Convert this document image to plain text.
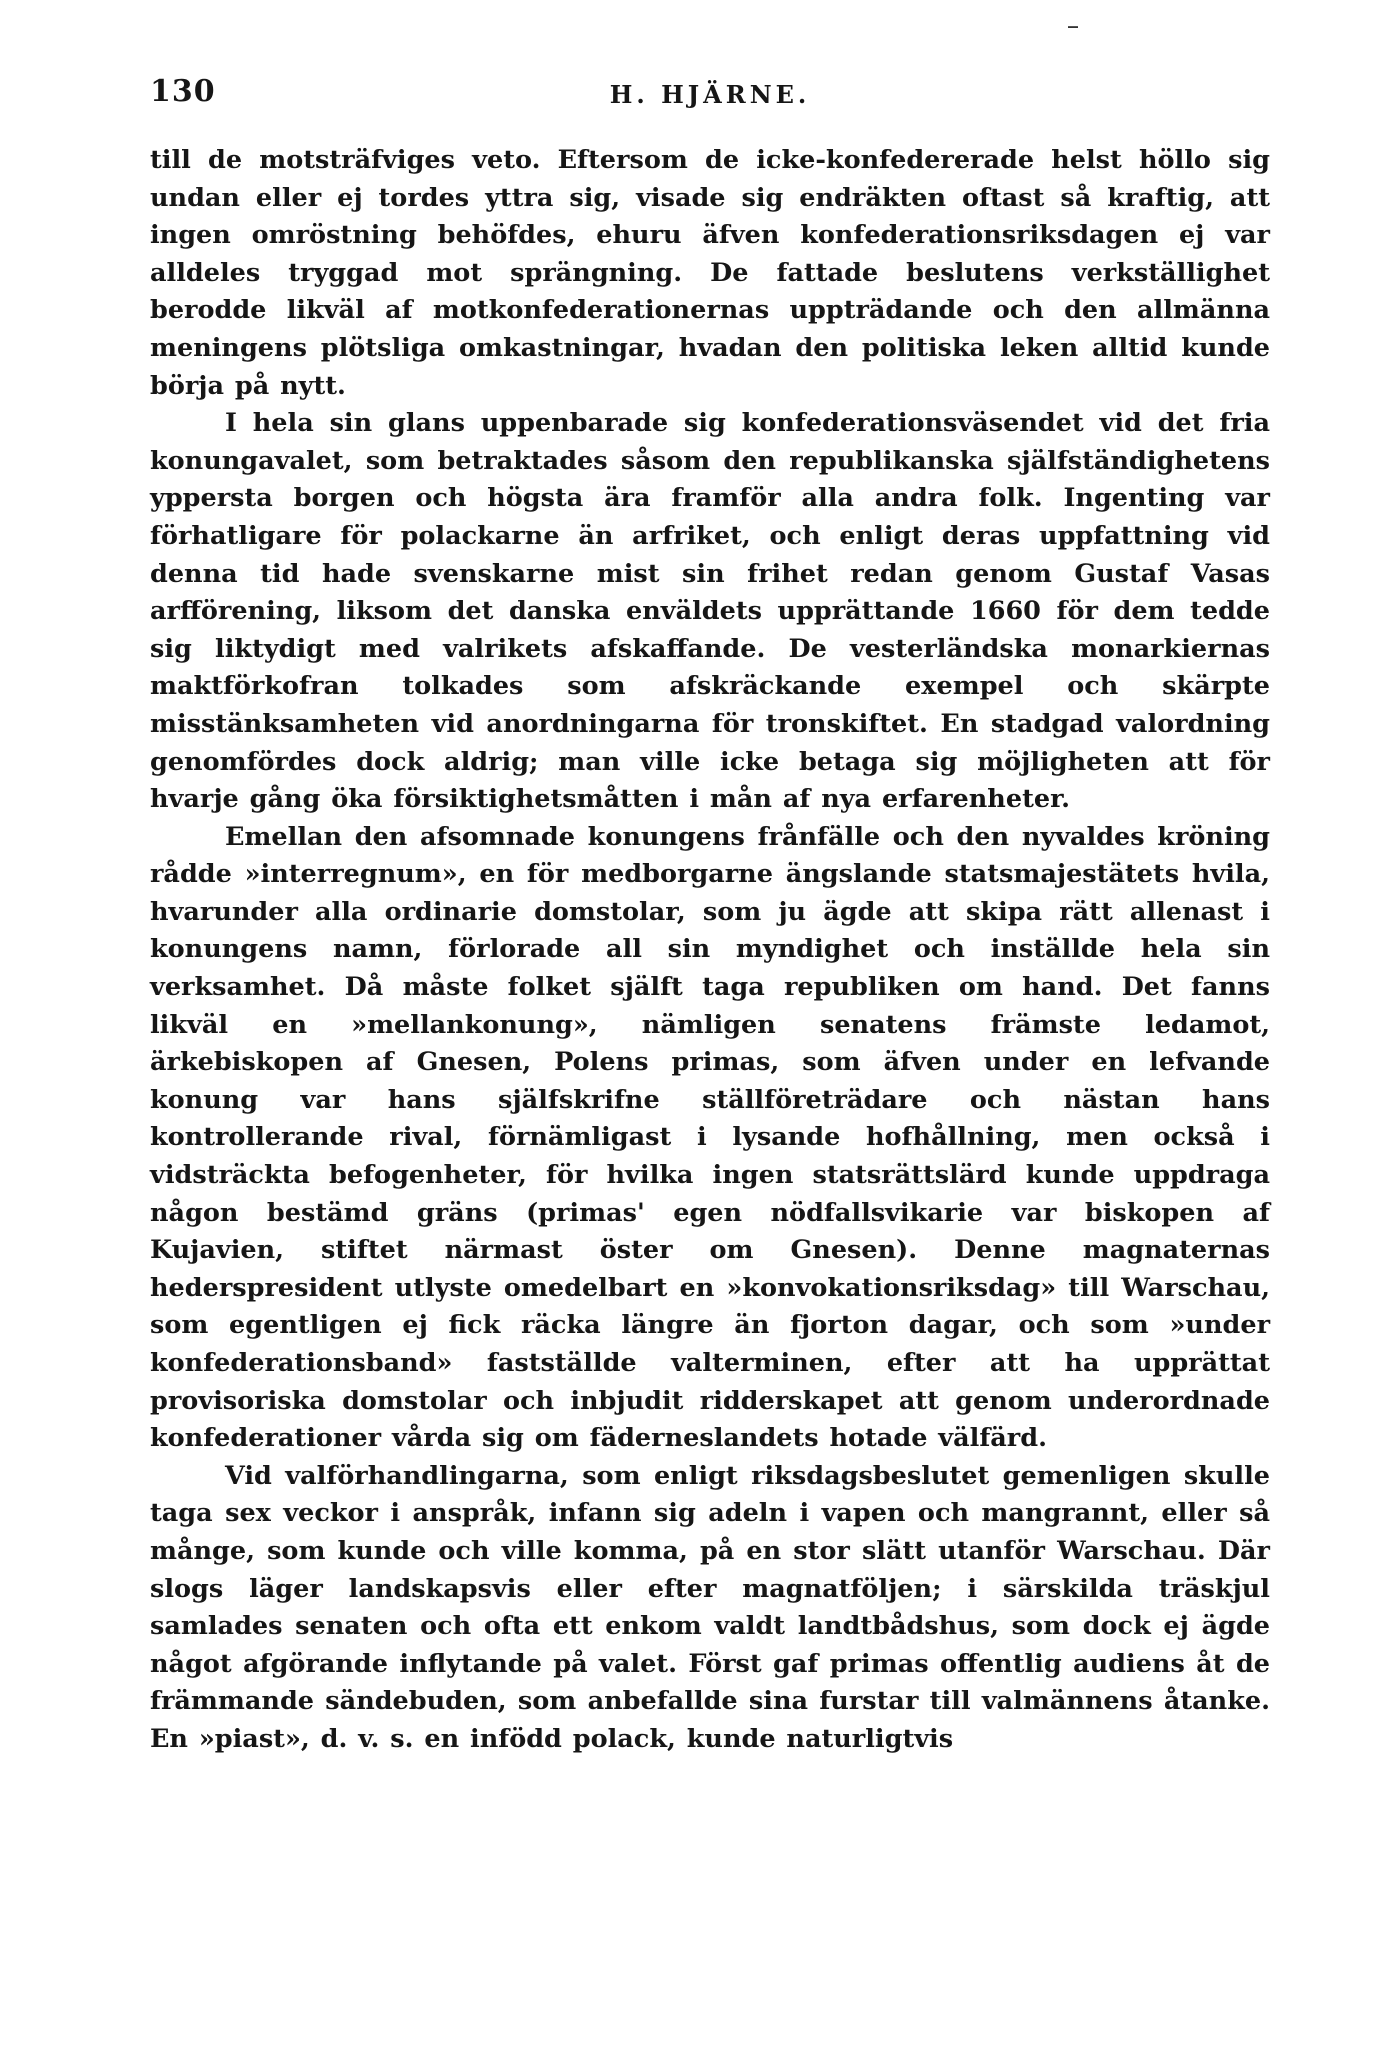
130	H. HJÄRNE.

till de motsträfviges veto. Eftersom de icke-konfedererade helst höllo sig undan eller ej tordes yttra sig, visade sig endräkten oftast så kraftig, att ingen omröstning behöfdes, ehuru äfven konfederationsriksdagen ej var alldeles tryggad mot sprängning. De fattade beslutens verkställighet berodde likväl af motkonfederationernas uppträdande och den allmänna meningens plötsliga omkastningar, hvadan den politiska leken alltid kunde börja på nytt.

I hela sin glans uppenbarade sig konfederationsväsendet vid det fria konungavalet, som betraktades såsom den republikanska själfständighetens yppersta borgen och högsta ära framför alla andra folk. Ingenting var förhatligare för polackarne än arfriket, och enligt deras uppfattning vid denna tid hade svenskarne mist sin frihet redan genom Gustaf Vasas arfförening, liksom det danska enväldets upprättande 1660 för dem tedde sig liktydigt med valrikets afskaffande. De vesterländska monarkiernas maktförkofran tolkades som afskräckande exempel och skärpte misstänksamheten vid anordningarna för tronskiftet. En stadgad valordning genomfördes dock aldrig; man ville icke betaga sig möjligheten att för hvarje gång öka försiktighetsmåtten i mån af nya erfarenheter.

Emellan den afsomnade konungens frånfälle och den nyvaldes kröning rådde »interregnum», en för medborgarne ängslande statsmajestätets hvila, hvarunder alla ordinarie domstolar, som ju ägde att skipa rätt allenast i konungens namn, förlorade all sin myndighet och inställde hela sin verksamhet. Då måste folket själft taga republiken om hand. Det fanns likväl en »mellankonung», nämligen senatens främste ledamot, ärkebiskopen af Gnesen, Polens primas, som äfven under en lefvande konung var hans själfskrifne ställföreträdare och nästan hans kontrollerande rival, förnämligast i lysande hofhållning, men också i vidsträckta befogenheter, för hvilka ingen statsrättslärd kunde uppdraga någon bestämd gräns (primas' egen nödfallsvikarie var biskopen af Kujavien, stiftet närmast öster om Gnesen). Denne magnaternas hederspresident utlyste omedelbart en »konvokationsriksdag» till Warschau, som egentligen ej fick räcka längre än fjorton dagar, och som »under konfederationsband» fastställde valterminen, efter att ha upprättat provisoriska domstolar och inbjudit ridderskapet att genom underordnade konfederationer vårda sig om fäderneslandets hotade välfärd.

Vid valförhandlingarna, som enligt riksdagsbeslutet gemenligen skulle taga sex veckor i anspråk, infann sig adeln i vapen och mangrannt, eller så månge, som kunde och ville komma, på en stor slätt utanför Warschau. Där slogs läger landskapsvis eller efter magnatföljen; i särskilda träskjul samlades senaten och ofta ett enkom valdt landtbådshus, som dock ej ägde något afgörande inflytande på valet. Först gaf primas offentlig audiens åt de främmande sändebuden, som anbefallde sina furstar till valmännens åtanke. En »piast», d. v. s. en infödd polack, kunde naturligtvis

‾
